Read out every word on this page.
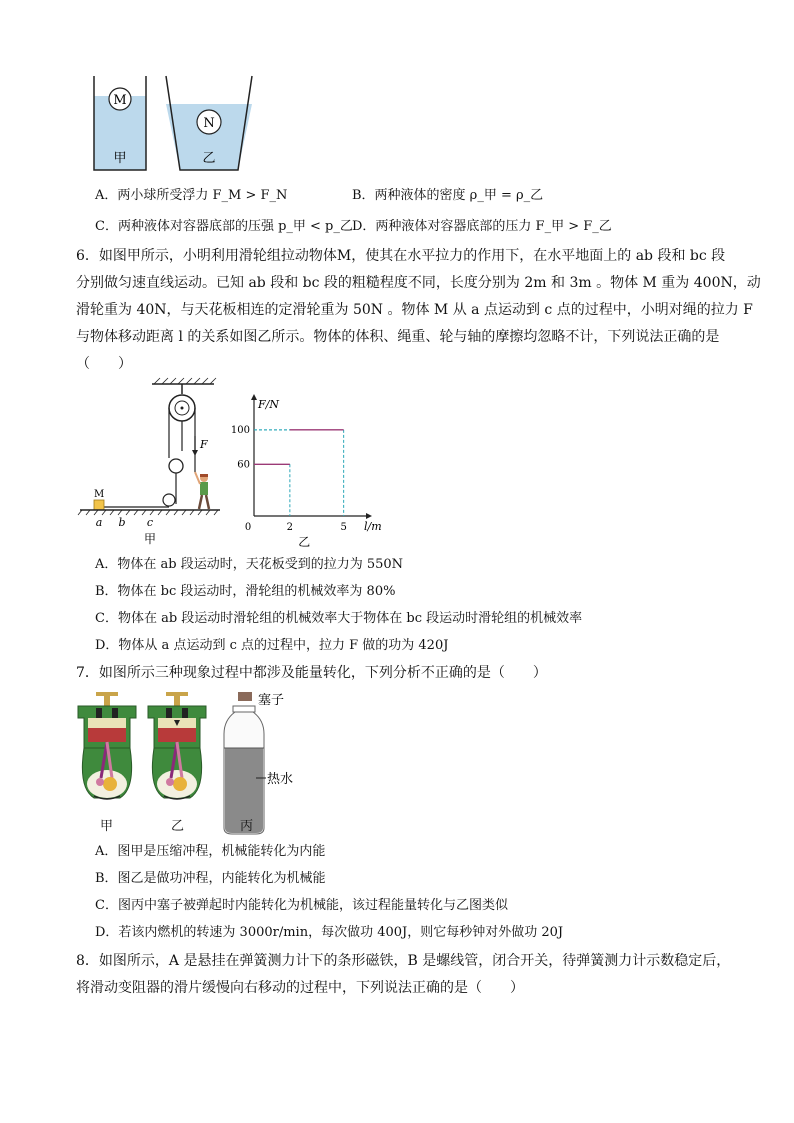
M
甲
N
乙
A．两小球所受浮力 F_M > F_N	B．两种液体的密度 ρ_甲 = ρ_乙
C．两种液体对容器底部的压强 p_甲 < p_乙 D．两种液体对容器底部的压力 F_甲 > F_乙
6．如图甲所示，小明利用滑轮组拉动物体M，使其在水平拉力的作用下，在水平地面上的 ab 段和 bc 段
分别做匀速直线运动。已知 ab 段和 bc 段的粗糙程度不同，长度分别为 2m 和 3m 。物体 M 重为 400N，动
滑轮重为 40N，与天花板相连的定滑轮重为 50N 。物体 M 从 a 点运动到 c 点的过程中，小明对绳的拉力 F
与物体移动距离 l 的关系如图乙所示。物体的体积、绳重、轮与轴的摩擦均忽略不计，下列说法正确的是
（　　）
F
M
a b c
甲
F/N
l/m
0	2	5
60
100
乙
A．物体在 ab 段运动时，天花板受到的拉力为 550N
B．物体在 bc 段运动时，滑轮组的机械效率为 80%
C．物体在 ab 段运动时滑轮组的机械效率大于物体在 bc 段运动时滑轮组的机械效率
D．物体从 a 点运动到 c 点的过程中，拉力 F 做的功为 420J
7．如图所示三种现象过程中都涉及能量转化，下列分析不正确的是（　　）
塞子
热水
甲	乙	丙
A．图甲是压缩冲程，机械能转化为内能
B．图乙是做功冲程，内能转化为机械能
C．图丙中塞子被弹起时内能转化为机械能，该过程能量转化与乙图类似
D．若该内燃机的转速为 3000r/min，每次做功 400J，则它每秒钟对外做功 20J
8．如图所示，A 是悬挂在弹簧测力计下的条形磁铁，B 是螺线管，闭合开关，待弹簧测力计示数稳定后，
将滑动变阻器的滑片缓慢向右移动的过程中，下列说法正确的是（　　）
